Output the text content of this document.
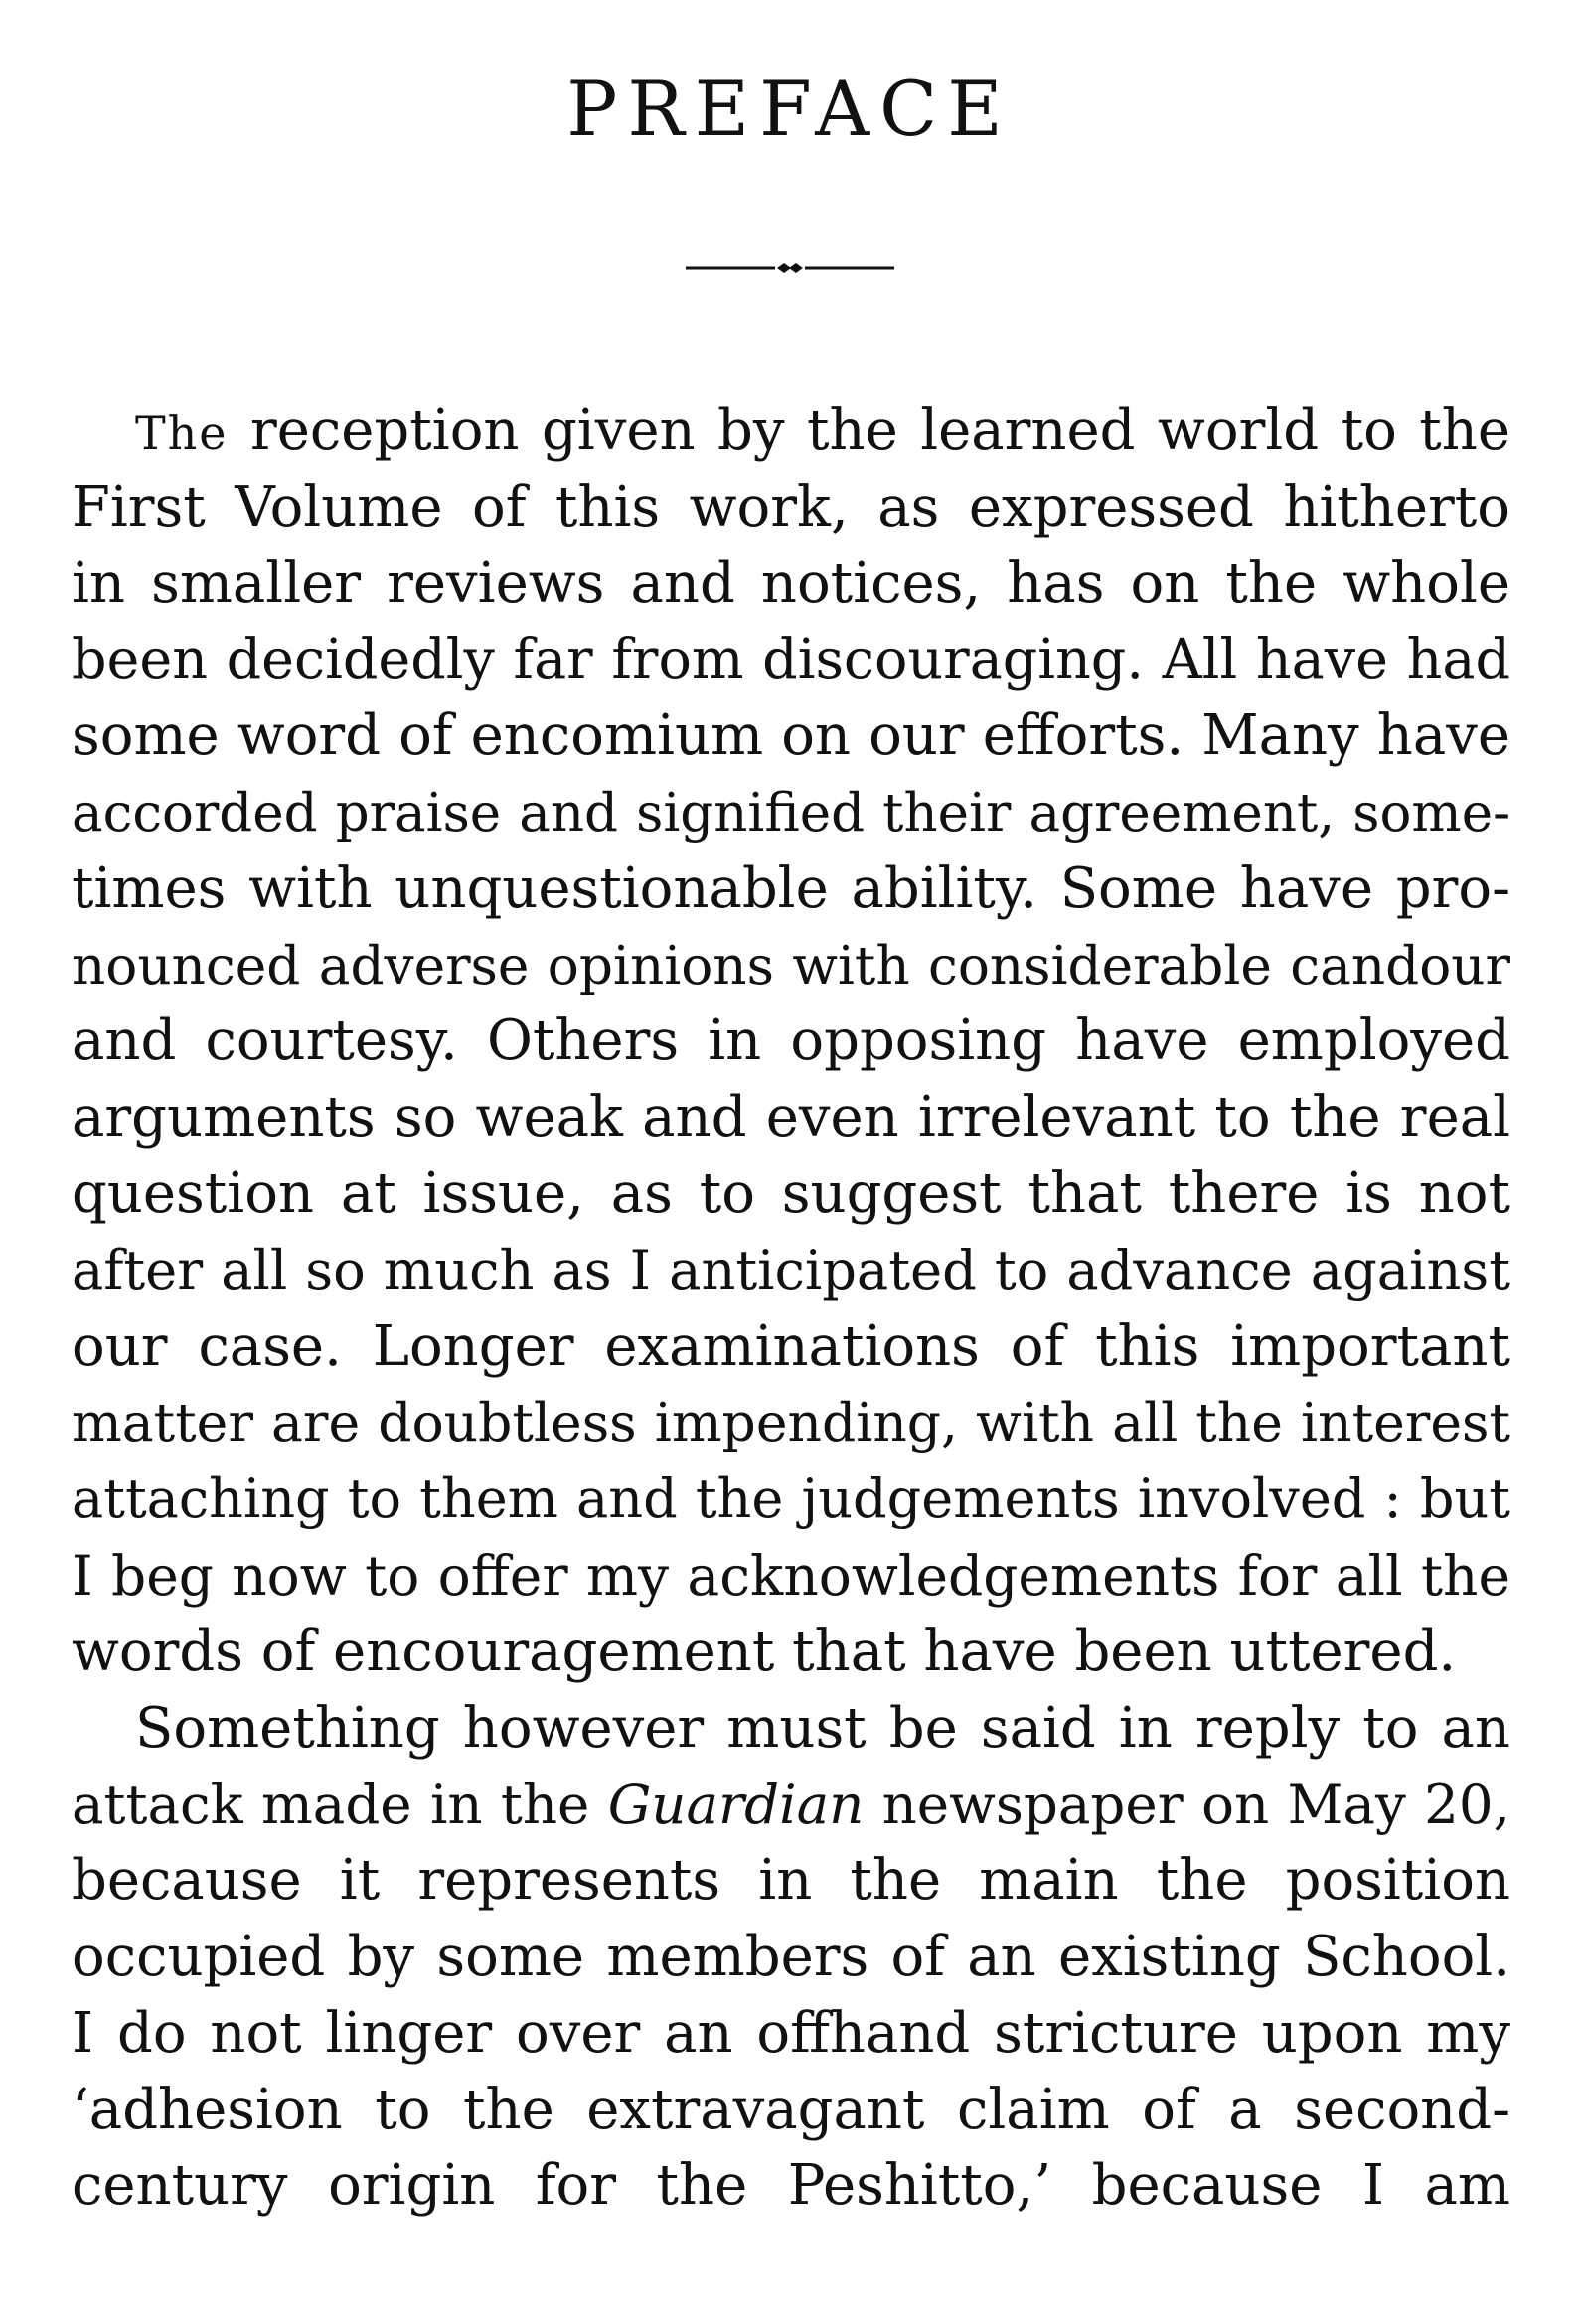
PREFACE
The reception given by the learned world to the
First Volume of this work, as expressed hitherto
in smaller reviews and notices, has on the whole
been decidedly far from discouraging. All have had
some word of encomium on our efforts. Many have
accorded praise and signified their agreement, some-
times with unquestionable ability. Some have pro-
nounced adverse opinions with considerable candour
and courtesy. Others in opposing have employed
arguments so weak and even irrelevant to the real
question at issue, as to suggest that there is not
after all so much as I anticipated to advance against
our case. Longer examinations of this important
matter are doubtless impending, with all the interest
attaching to them and the judgements involved : but
I beg now to offer my acknowledgements for all the
words of encouragement that have been uttered.
Something however must be said in reply to an
attack made in the Guardian newspaper on May 20,
because it represents in the main the position
occupied by some members of an existing School.
I do not linger over an offhand stricture upon my
‘adhesion to the extravagant claim of a second-
century origin for the Peshitto,’ because I am
